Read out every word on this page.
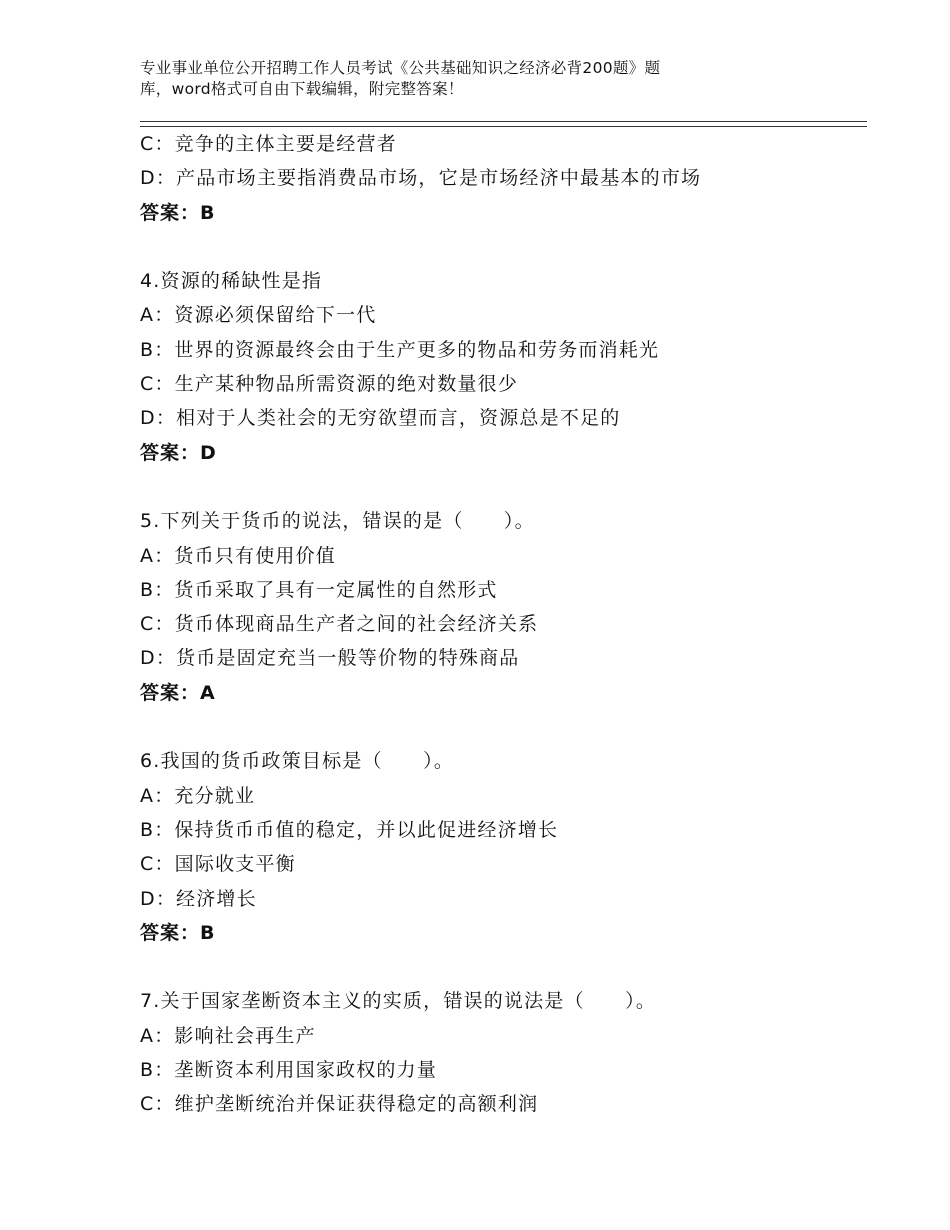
专业事业单位公开招聘工作人员考试《公共基础知识之经济必背200题》题
库，word格式可自由下载编辑，附完整答案！
C：竞争的主体主要是经营者
D：产品市场主要指消费品市场，它是市场经济中最基本的市场
答案：B
4.资源的稀缺性是指
A：资源必须保留给下一代
B：世界的资源最终会由于生产更多的物品和劳务而消耗光
C：生产某种物品所需资源的绝对数量很少
D：相对于人类社会的无穷欲望而言，资源总是不足的
答案：D
5.下列关于货币的说法，错误的是（　　）。
A：货币只有使用价值
B：货币采取了具有一定属性的自然形式
C：货币体现商品生产者之间的社会经济关系
D：货币是固定充当一般等价物的特殊商品
答案：A
6.我国的货币政策目标是（　　）。
A：充分就业
B：保持货币币值的稳定，并以此促进经济增长
C：国际收支平衡
D：经济增长
答案：B
7.关于国家垄断资本主义的实质，错误的说法是（　　）。
A：影响社会再生产
B：垄断资本利用国家政权的力量
C：维护垄断统治并保证获得稳定的高额利润
